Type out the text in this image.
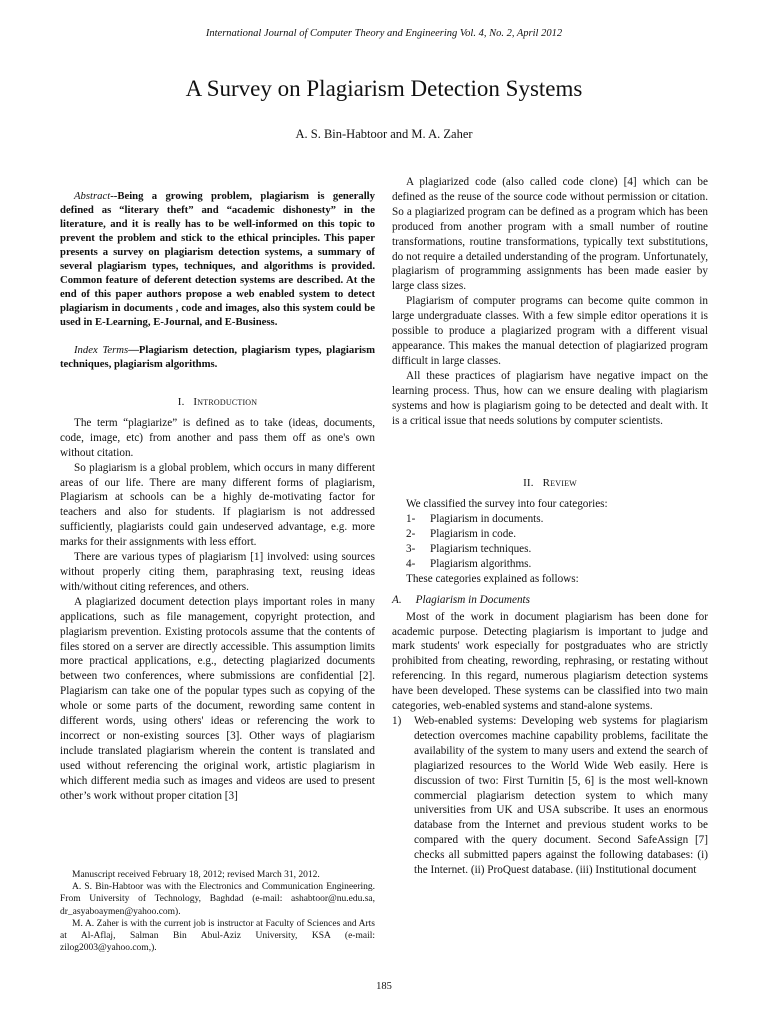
International Journal of Computer Theory and Engineering Vol. 4, No. 2, April 2012
A Survey on Plagiarism Detection Systems
A. S. Bin-Habtoor and M. A. Zaher

Abstract--Being a growing problem, plagiarism is generally defined as “literary theft” and “academic dishonesty” in the literature, and it is really has to be well-informed on this topic to prevent the problem and stick to the ethical principles. This paper presents a survey on plagiarism detection systems, a summary of several plagiarism types, techniques, and algorithms is provided. Common feature of deferent detection systems are described. At the end of this paper authors propose a web enabled system to detect plagiarism in documents , code and images, also this system could be used in E-Learning, E-Journal, and E-Business.

Index Terms—Plagiarism detection, plagiarism types, plagiarism techniques, plagiarism algorithms.

I. Introduction

The term “plagiarize” is defined as to take (ideas, documents, code, image, etc) from another and pass them off as one's own without citation.

So plagiarism is a global problem, which occurs in many different areas of our life. There are many different forms of plagiarism, Plagiarism at schools can be a highly de-motivating factor for teachers and also for students. If plagiarism is not addressed sufficiently, plagiarists could gain undeserved advantage, e.g. more marks for their assignments with less effort.

There are various types of plagiarism [1] involved: using sources without properly citing them, paraphrasing text, reusing ideas with/without citing references, and others.

A plagiarized document detection plays important roles in many applications, such as file management, copyright protection, and plagiarism prevention. Existing protocols assume that the contents of files stored on a server are directly accessible. This assumption limits more practical applications, e.g., detecting plagiarized documents between two conferences, where submissions are confidential [2]. Plagiarism can take one of the popular types such as copying of the whole or some parts of the document, rewording same content in different words, using others' ideas or referencing the work to incorrect or non-existing sources [3]. Other ways of plagiarism include translated plagiarism wherein the content is translated and used without referencing the original work, artistic plagiarism in which different media such as images and videos are used to present other’s work without proper citation [3]

Manuscript received February 18, 2012; revised March 31, 2012.

A. S. Bin-Habtoor was with the Electronics and Communication Engineering. From University of Technology, Baghdad (e-mail: ashabtoor@nu.edu.sa, dr_asyaboaymen@yahoo.com).

M. A. Zaher is with the current job is instructor at Faculty of Sciences and Arts at Al-Aflaj, Salman Bin Abul-Aziz University, KSA (e-mail: zilog2003@yahoo.com,).

A plagiarized code (also called code clone) [4] which can be defined as the reuse of the source code without permission or citation. So a plagiarized program can be defined as a program which has been produced from another program with a small number of routine transformations, routine transformations, typically text substitutions, do not require a detailed understanding of the program. Unfortunately, plagiarism of programming assignments has been made easier by large class sizes.

Plagiarism of computer programs can become quite common in large undergraduate classes. With a few simple editor operations it is possible to produce a plagiarized program with a different visual appearance. This makes the manual detection of plagiarized program difficult in large classes.

All these practices of plagiarism have negative impact on the learning process. Thus, how can we ensure dealing with plagiarism systems and how is plagiarism going to be detected and dealt with. It is a critical issue that needs solutions by computer scientists.

II. Review

We classified the survey into four categories:

1- Plagiarism in documents.
2- Plagiarism in code.
3- Plagiarism techniques.
4- Plagiarism algorithms.

These categories explained as follows:

A. Plagiarism in Documents

Most of the work in document plagiarism has been done for academic purpose. Detecting plagiarism is important to judge and mark students' work especially for postgraduates who are strictly prohibited from cheating, rewording, rephrasing, or restating without referencing. In this regard, numerous plagiarism detection systems have been developed. These systems can be classified into two main categories, web-enabled systems and stand-alone systems.

1) Web-enabled systems: Developing web systems for plagiarism detection overcomes machine capability problems, facilitate the availability of the system to many users and extend the search of plagiarized resources to the World Wide Web easily. Here is discussion of two: First Turnitin [5, 6] is the most well-known commercial plagiarism detection system to which many universities from UK and USA subscribe. It uses an enormous database from the Internet and previous student works to be compared with the query document. Second SafeAssign [7] checks all submitted papers against the following databases: (i) the Internet. (ii) ProQuest database. (iii) Institutional document

185
